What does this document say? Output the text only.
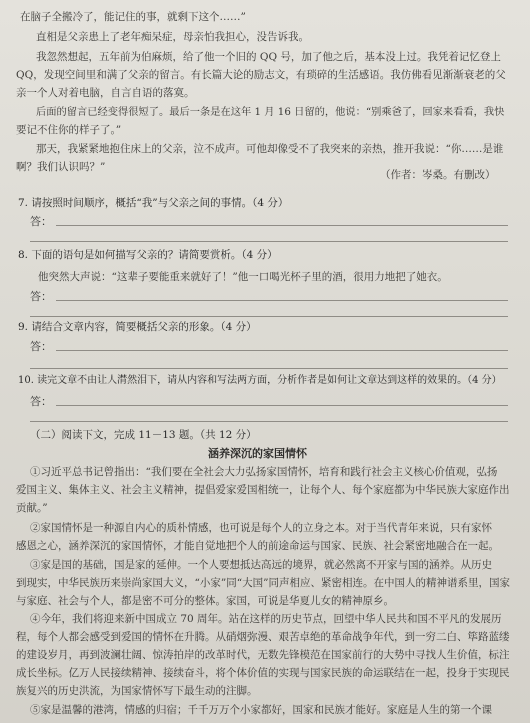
在脑子全搬冷了，能记住的事，就剩下这个……”
直相是父亲患上了老年痴呆症，母亲怕我担心，没告诉我。
我忽然想起，五年前为伯麻烦，给了他一个旧的 QQ 号，加了他之后，基本没上过。我凭着记忆登上
QQ，发现空间里和满了父亲的留言。有长篇大论的励志文，有琐碎的生活感语。我仿佛看见渐渐衰老的父
亲一个人对着电脑，自言自语的落寞。
后面的留言已经变得很短了。最后一条是在这年 1 月 16 日留的，他说：“别乘爸了，回家来看看，我快
要记不住你的样子了。”
那天，我紧紧地抱住床上的父亲，泣不成声。可他却像受不了我突来的亲热，推开我说：“你……是谁
啊？我们认识吗？”
（作者：岑桑。有删改）
7. 请按照时间顺序，概括“我”与父亲之间的事情。（4 分）
答：
8. 下面的语句是如何描写父亲的？请简要赏析。（4 分）
他突然大声说：“这辈子要能重来就好了！”他一口喝光杯子里的酒，很用力地把了她衣。
答：
9. 请结合文章内容，简要概括父亲的形象。（4 分）
答：
10. 读完文章不由让人潸然泪下，请从内容和写法两方面，分析作者是如何让文章达到这样的效果的。（4 分）
答：
（二）阅读下文，完成 11－13 题。（共 12 分）
涵养深沉的家国情怀
①习近平总书记曾指出：“我们要在全社会大力弘扬家国情怀，培育和践行社会主义核心价值观，弘扬
爱国主义、集体主义、社会主义精神，提倡爱家爱国相统一，让每个人、每个家庭都为中华民族大家庭作出
贡献。”
②家国情怀是一种源自内心的质朴情感，也可说是每个人的立身之本。对于当代青年来说，只有家怀
感恩之心，涵养深沉的家国情怀，才能自觉地把个人的前途命运与国家、民族、社会紧密地融合在一起。
③家是国的基础，国是家的延伸。一个人要想抵达高远的境界，就必然离不开家与国的涵养。从历史
到现实，中华民族历来崇尚家国大义，“小家”同“大国”同声相应、紧密相连。在中国人的精神谱系里，国家
与家庭、社会与个人，都是密不可分的整体。家国，可说是华夏儿女的精神原乡。
④今年，我们将迎来新中国成立 70 周年。站在这样的历史节点，回望中华人民共和国不平凡的发展历
程，每个人都会感受到爱国的情怀在升腾。从硝烟弥漫、艰苦卓绝的革命战争年代，到一穷二白、筚路蓝缕
的建设岁月，再到波澜壮阔、惊涛拍岸的改革时代，无数先锋模范在国家前行的大势中寻找人生价值，标注
成长坐标。亿万人民接续精神、接续奋斗，将个体价值的实现与国家民族的命运联结在一起，投身于实现民
族复兴的历史洪流，为国家情怀写下最生动的注脚。
⑤家是温馨的港湾，情感的归宿；千千万万个小家都好，国家和民族才能好。家庭是人生的第一个课
